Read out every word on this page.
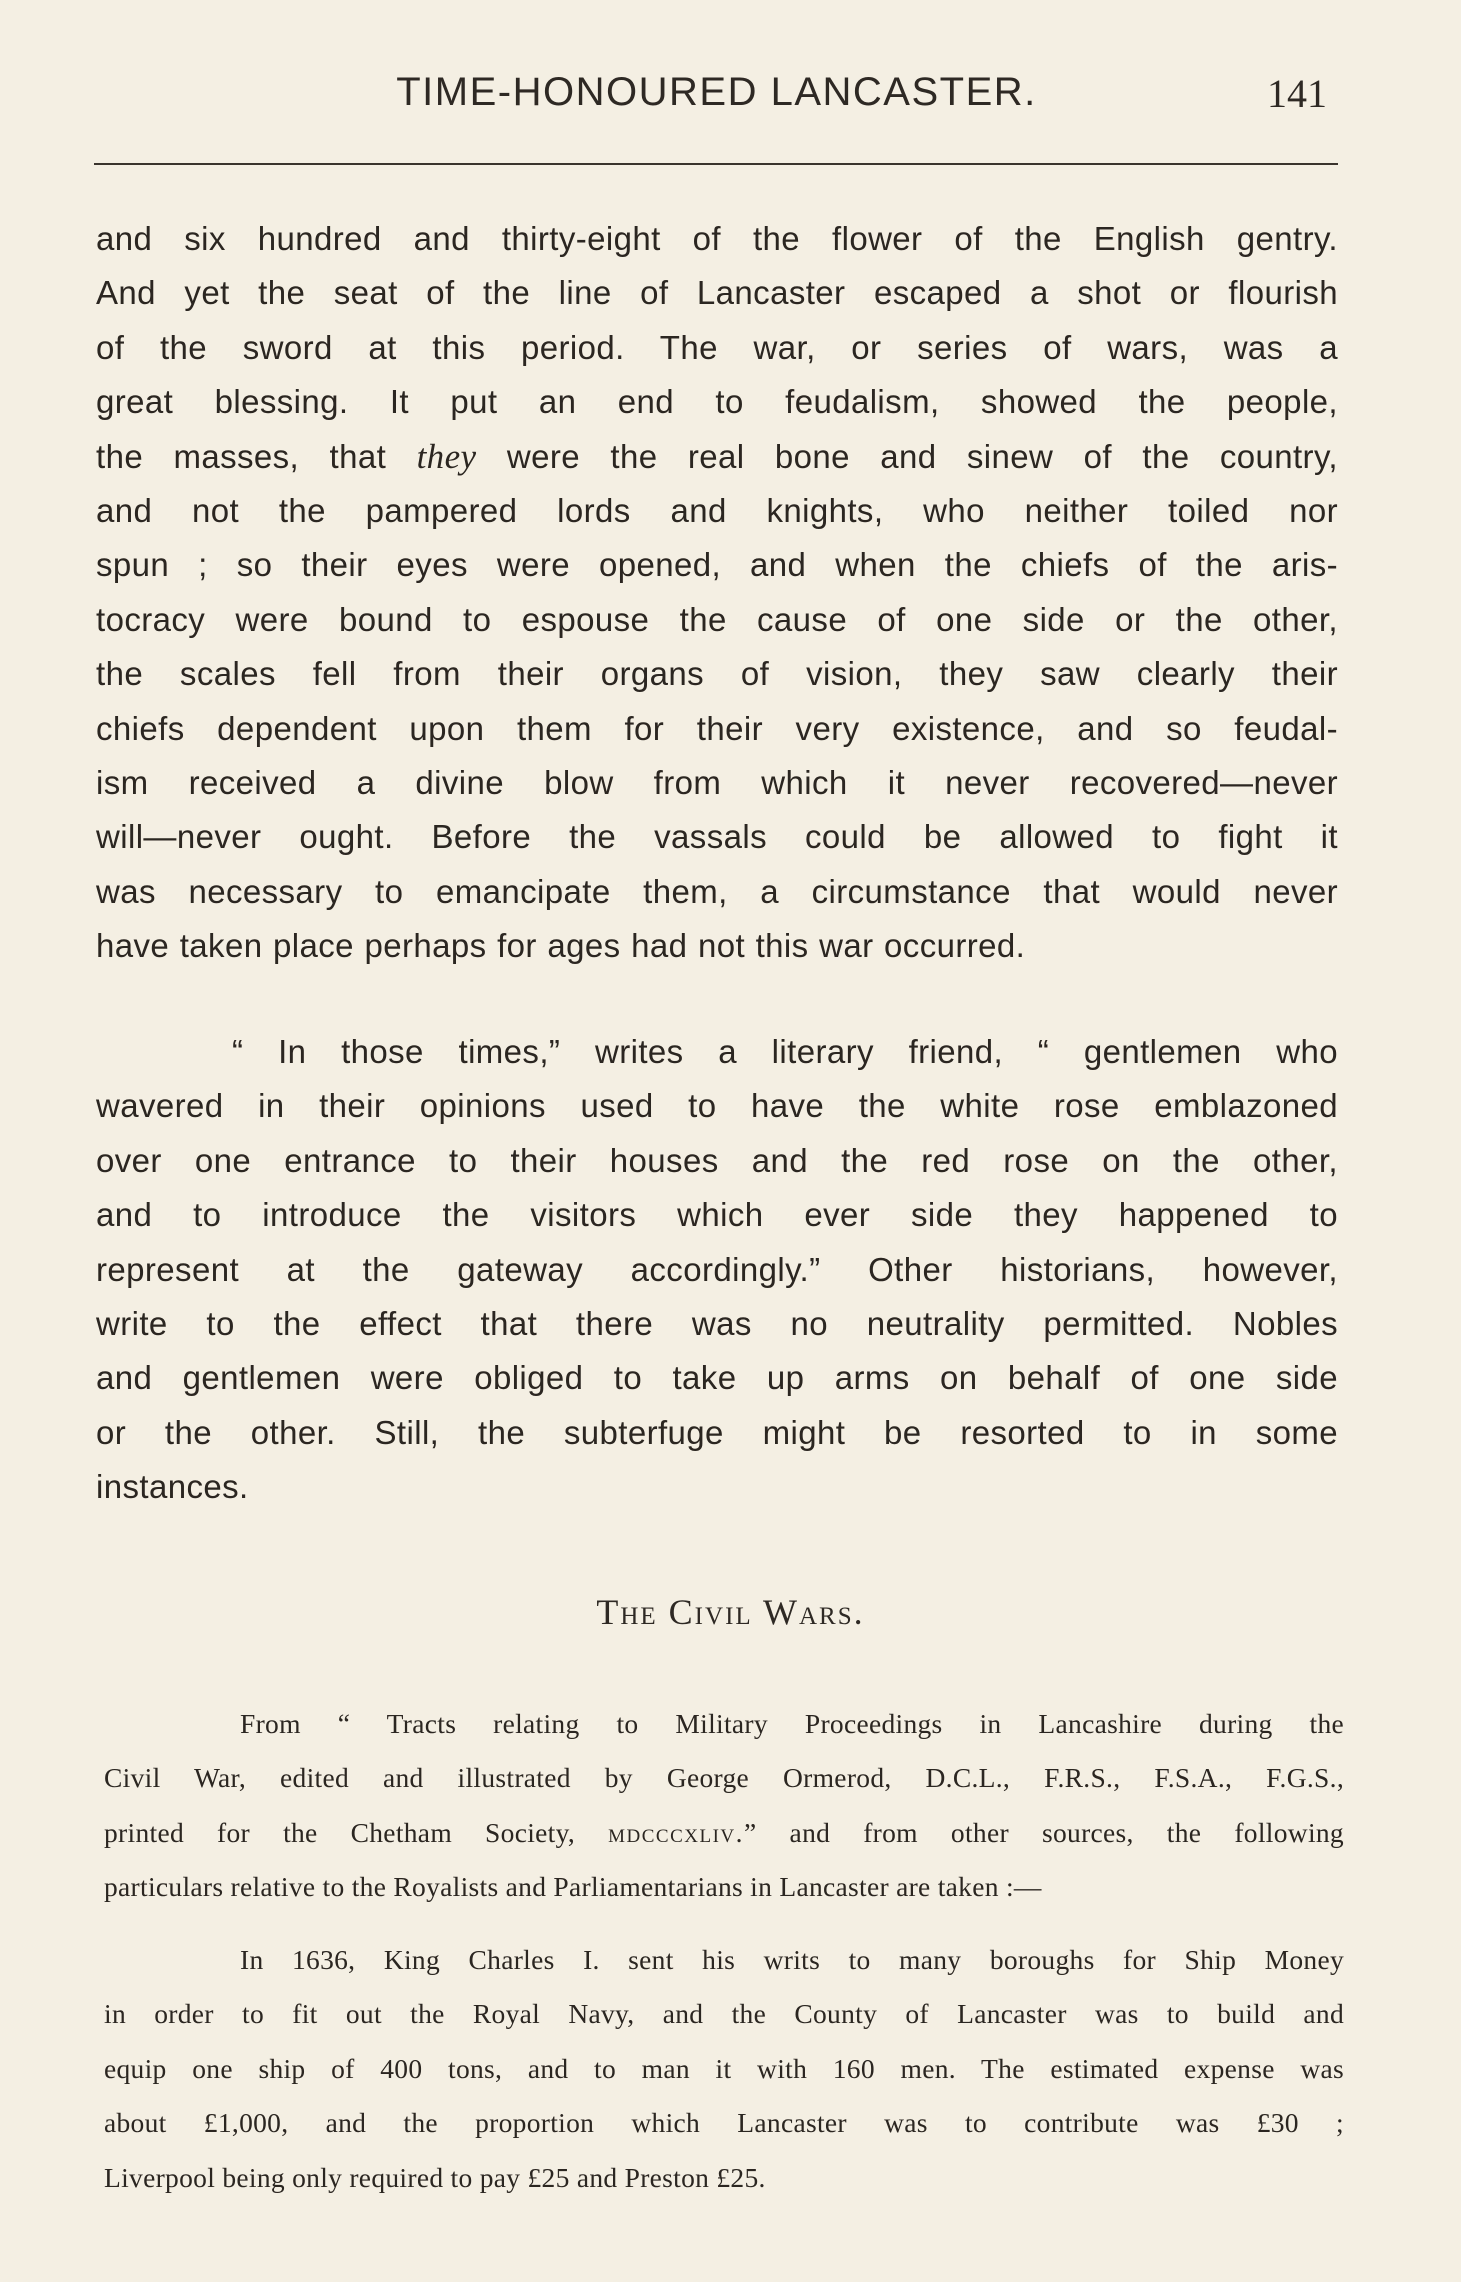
TIME-HONOURED LANCASTER.	141
and six hundred and thirty-eight of the flower of the English gentry.
And yet the seat of the line of Lancaster escaped a shot or flourish
of the sword at this period. The war, or series of wars, was a
great blessing. It put an end to feudalism, showed the people,
the masses, that they were the real bone and sinew of the country,
and not the pampered lords and knights, who neither toiled nor
spun ; so their eyes were opened, and when the chiefs of the aris-
tocracy were bound to espouse the cause of one side or the other,
the scales fell from their organs of vision, they saw clearly their
chiefs dependent upon them for their very existence, and so feudal-
ism received a divine blow from which it never recovered—never
will—never ought. Before the vassals could be allowed to fight it
was necessary to emancipate them, a circumstance that would never
have taken place perhaps for ages had not this war occurred.
“ In those times,” writes a literary friend, “ gentlemen who
wavered in their opinions used to have the white rose emblazoned
over one entrance to their houses and the red rose on the other,
and to introduce the visitors which ever side they happened to
represent at the gateway accordingly.” Other historians, however,
write to the effect that there was no neutrality permitted. Nobles
and gentlemen were obliged to take up arms on behalf of one side
or the other. Still, the subterfuge might be resorted to in some
instances.
The Civil Wars.
From “ Tracts relating to Military Proceedings in Lancashire during the
Civil War, edited and illustrated by George Ormerod, D.C.L., F.R.S., F.S.A., F.G.S.,
printed for the Chetham Society, mdcccxliv.” and from other sources, the following
particulars relative to the Royalists and Parliamentarians in Lancaster are taken :—
In 1636, King Charles I. sent his writs to many boroughs for Ship Money
in order to fit out the Royal Navy, and the County of Lancaster was to build and
equip one ship of 400 tons, and to man it with 160 men. The estimated expense was
about £1,000, and the proportion which Lancaster was to contribute was £30 ;
Liverpool being only required to pay £25 and Preston £25.
